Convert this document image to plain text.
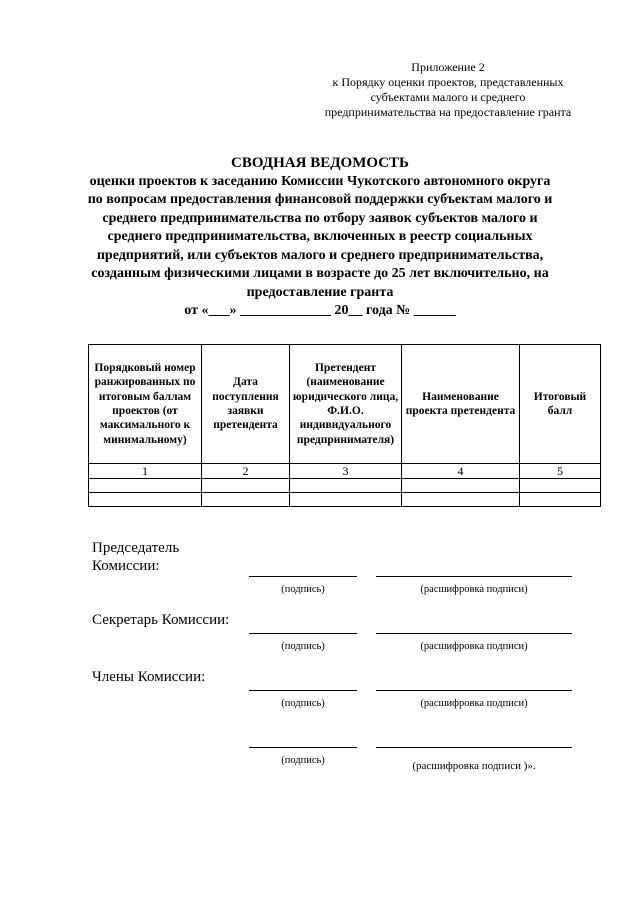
Приложение 2
к Порядку оценки проектов, представленных
субъектами малого и среднего
предпринимательства на предоставление гранта
СВОДНАЯ ВЕДОМОСТЬ
оценки проектов к заседанию Комиссии Чукотского автономного округа
по вопросам предоставления финансовой поддержки субъектам малого и
среднего предпринимательства по отбору заявок субъектов малого и
среднего предпринимательства, включенных в реестр социальных
предприятий, или субъектов малого и среднего предпринимательства,
созданным физическими лицами в возрасте до 25 лет включительно, на
предоставление гранта
от «___» _____________ 20__ года № ______
Порядковый номер ранжированных по итоговым баллам проектов (от максимального к минимальному)	Дата поступления заявки претендента	Претендент (наименование юридического лица, Ф.И.О. индивидуального предпринимателя)	Наименование проекта претендента	Итоговый балл
1	2	3	4	5

Председатель
Комиссии:
(подпись)	(расшифровка подписи)
Секретарь Комиссии:
(подпись)	(расшифровка подписи)
Члены Комиссии:
(подпись)	(расшифровка подписи)
(подпись)	(расшифровка подписи )».
